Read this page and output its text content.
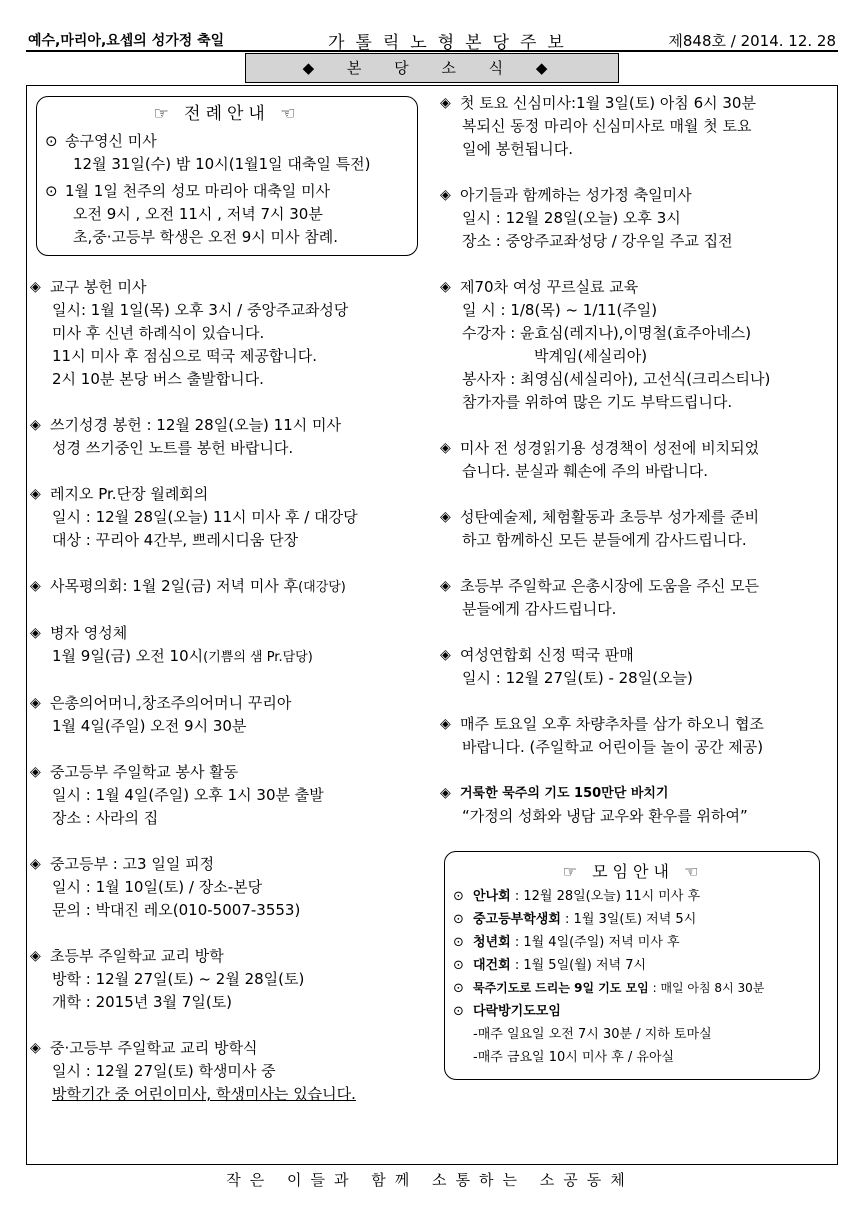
예수,마리아,요셉의 성가정 축일	가톨릭노형본당주보	제848호 / 2014. 12. 28
◆ 본 당 소 식 ◆
☞ 전례안내 ☜
⊙ 송구영신 미사
12월 31일(수) 밤 10시(1월1일 대축일 특전)
⊙ 1월 1일 천주의 성모 마리아 대축일 미사
오전 9시 , 오전 11시 , 저녁 7시 30분
초,중·고등부 학생은 오전 9시 미사 참례.
◈ 교구 봉헌 미사
일시: 1월 1일(목) 오후 3시 / 중앙주교좌성당
미사 후 신년 하례식이 있습니다.
11시 미사 후 점심으로 떡국 제공합니다.
2시 10분 본당 버스 출발합니다.
◈ 쓰기성경 봉헌 : 12월 28일(오늘) 11시 미사
성경 쓰기중인 노트를 봉헌 바랍니다.
◈ 레지오 Pr.단장 월례회의
일시 : 12월 28일(오늘) 11시 미사 후 / 대강당
대상 : 꾸리아 4간부, 쁘레시디움 단장
◈ 사목평의회: 1월 2일(금) 저녁 미사 후(대강당)
◈ 병자 영성체
1월 9일(금) 오전 10시(기쁨의 샘 Pr.담당)
◈ 은총의어머니,창조주의어머니 꾸리아
1월 4일(주일) 오전 9시 30분
◈ 중고등부 주일학교 봉사 활동
일시 : 1월 4일(주일) 오후 1시 30분 출발
장소 : 사라의 집
◈ 중고등부 : 고3 일일 피정
일시 : 1월 10일(토) / 장소-본당
문의 : 박대진 레오(010-5007-3553)
◈ 초등부 주일학교 교리 방학
방학 : 12월 27일(토) ~ 2월 28일(토)
개학 : 2015년 3월 7일(토)
◈ 중·고등부 주일학교 교리 방학식
일시 : 12월 27일(토) 학생미사 중
방학기간 중 어린이미사, 학생미사는 있습니다.
◈ 첫 토요 신심미사:1월 3일(토) 아침 6시 30분
복되신 동정 마리아 신심미사로 매월 첫 토요
일에 봉헌됩니다.
◈ 아기들과 함께하는 성가정 축일미사
일시 : 12월 28일(오늘) 오후 3시
장소 : 중앙주교좌성당 / 강우일 주교 집전
◈ 제70차 여성 꾸르실료 교육
일 시 : 1/8(목) ~ 1/11(주일)
수강자 : 윤효심(레지나),이명철(효주아네스)
박계임(세실리아)
봉사자 : 최영심(세실리아), 고선식(크리스티나)
참가자를 위하여 많은 기도 부탁드립니다.
◈ 미사 전 성경읽기용 성경책이 성전에 비치되었
습니다. 분실과 훼손에 주의 바랍니다.
◈ 성탄예술제, 체험활동과 초등부 성가제를 준비
하고 함께하신 모든 분들에게 감사드립니다.
◈ 초등부 주일학교 은총시장에 도움을 주신 모든
분들에게 감사드립니다.
◈ 여성연합회 신정 떡국 판매
일시 : 12월 27일(토) - 28일(오늘)
◈ 매주 토요일 오후 차량추차를 삼가 하오니 협조
바랍니다. (주일학교 어린이들 놀이 공간 제공)
◈ 거룩한 묵주의 기도 150만단 바치기
“가정의 성화와 냉담 교우와 환우를 위하여”
☞ 모임안내 ☜
⊙ 안나회 : 12월 28일(오늘) 11시 미사 후
⊙ 중고등부학생회 : 1월 3일(토) 저녁 5시
⊙ 청년회 : 1월 4일(주일) 저녁 미사 후
⊙ 대건회 : 1월 5일(월) 저녁 7시
⊙ 묵주기도로 드리는 9일 기도 모임 : 매일 아침 8시 30분
⊙ 다락방기도모임
-매주 일요일 오전 7시 30분 / 지하 토마실
-매주 금요일 10시 미사 후 / 유아실
작은 이들과 함께 소통하는 소공동체
